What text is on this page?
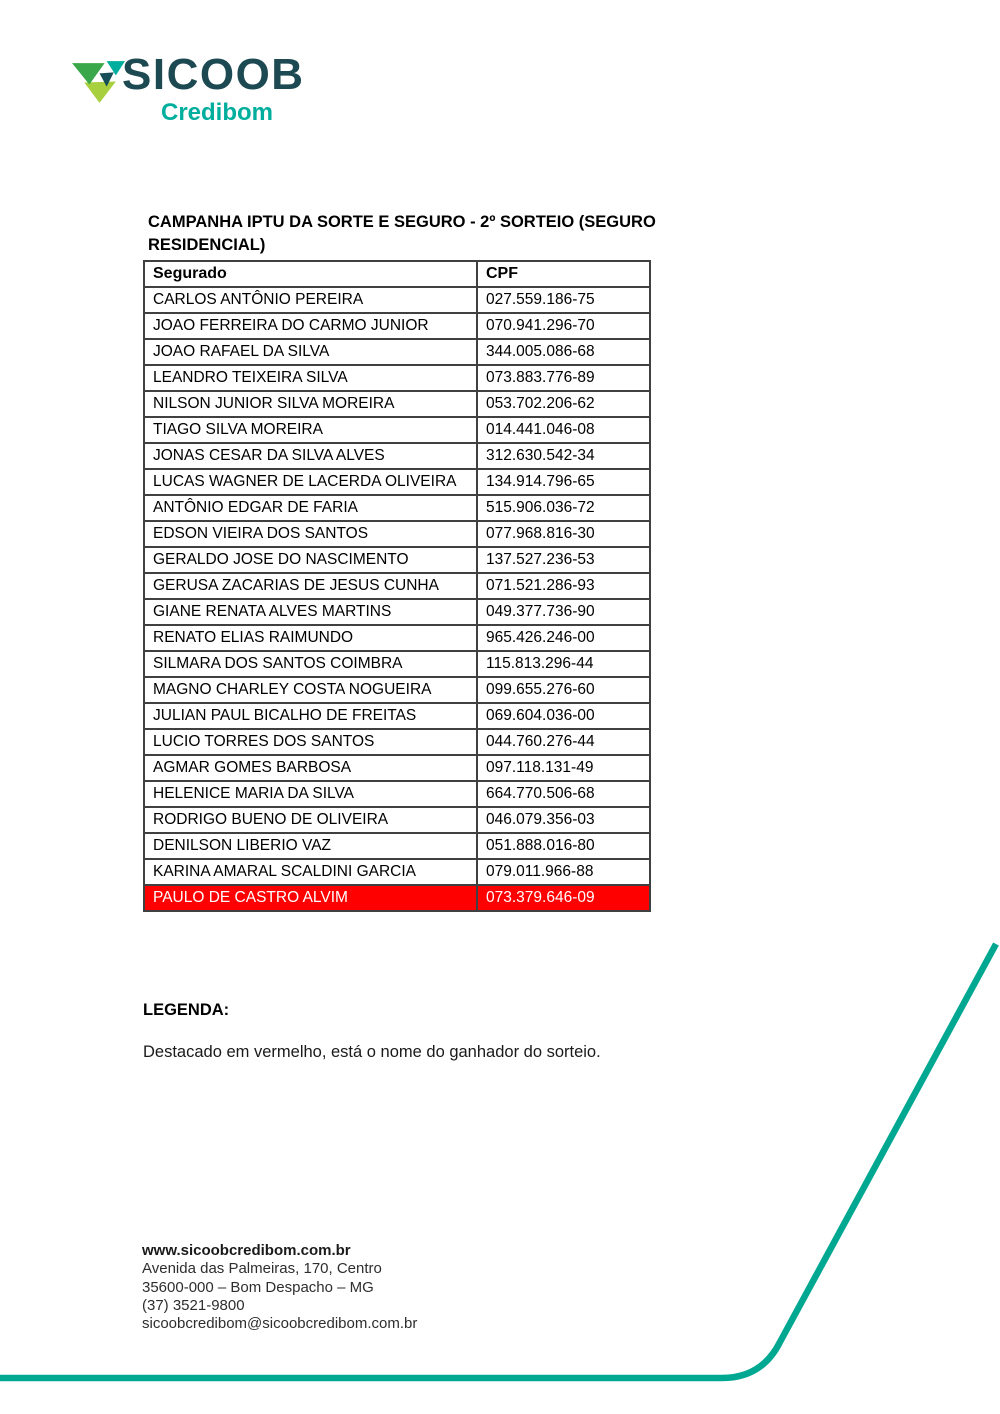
SICOOB
Credibom
CAMPANHA IPTU DA SORTE E SEGURO - 2º SORTEIO (SEGURO RESIDENCIAL)
Segurado	CPF
CARLOS ANTÔNIO PEREIRA	027.559.186-75
JOAO FERREIRA DO CARMO JUNIOR	070.941.296-70
JOAO RAFAEL DA SILVA	344.005.086-68
LEANDRO TEIXEIRA SILVA	073.883.776-89
NILSON JUNIOR SILVA MOREIRA	053.702.206-62
TIAGO SILVA MOREIRA	014.441.046-08
JONAS CESAR DA SILVA ALVES	312.630.542-34
LUCAS WAGNER DE LACERDA OLIVEIRA	134.914.796-65
ANTÔNIO EDGAR DE FARIA	515.906.036-72
EDSON VIEIRA DOS SANTOS	077.968.816-30
GERALDO JOSE DO NASCIMENTO	137.527.236-53
GERUSA ZACARIAS DE JESUS CUNHA	071.521.286-93
GIANE RENATA ALVES MARTINS	049.377.736-90
RENATO ELIAS RAIMUNDO	965.426.246-00
SILMARA DOS SANTOS COIMBRA	115.813.296-44
MAGNO CHARLEY COSTA NOGUEIRA	099.655.276-60
JULIAN PAUL BICALHO DE FREITAS	069.604.036-00
LUCIO TORRES DOS SANTOS	044.760.276-44
AGMAR GOMES BARBOSA	097.118.131-49
HELENICE MARIA DA SILVA	664.770.506-68
RODRIGO BUENO DE OLIVEIRA	046.079.356-03
DENILSON LIBERIO VAZ	051.888.016-80
KARINA AMARAL SCALDINI GARCIA	079.011.966-88
PAULO DE CASTRO ALVIM	073.379.646-09
LEGENDA:
Destacado em vermelho, está o nome do ganhador do sorteio.
www.sicoobcredibom.com.br
Avenida das Palmeiras, 170, Centro
35600-000 – Bom Despacho – MG
(37) 3521-9800
sicoobcredibom@sicoobcredibom.com.br
